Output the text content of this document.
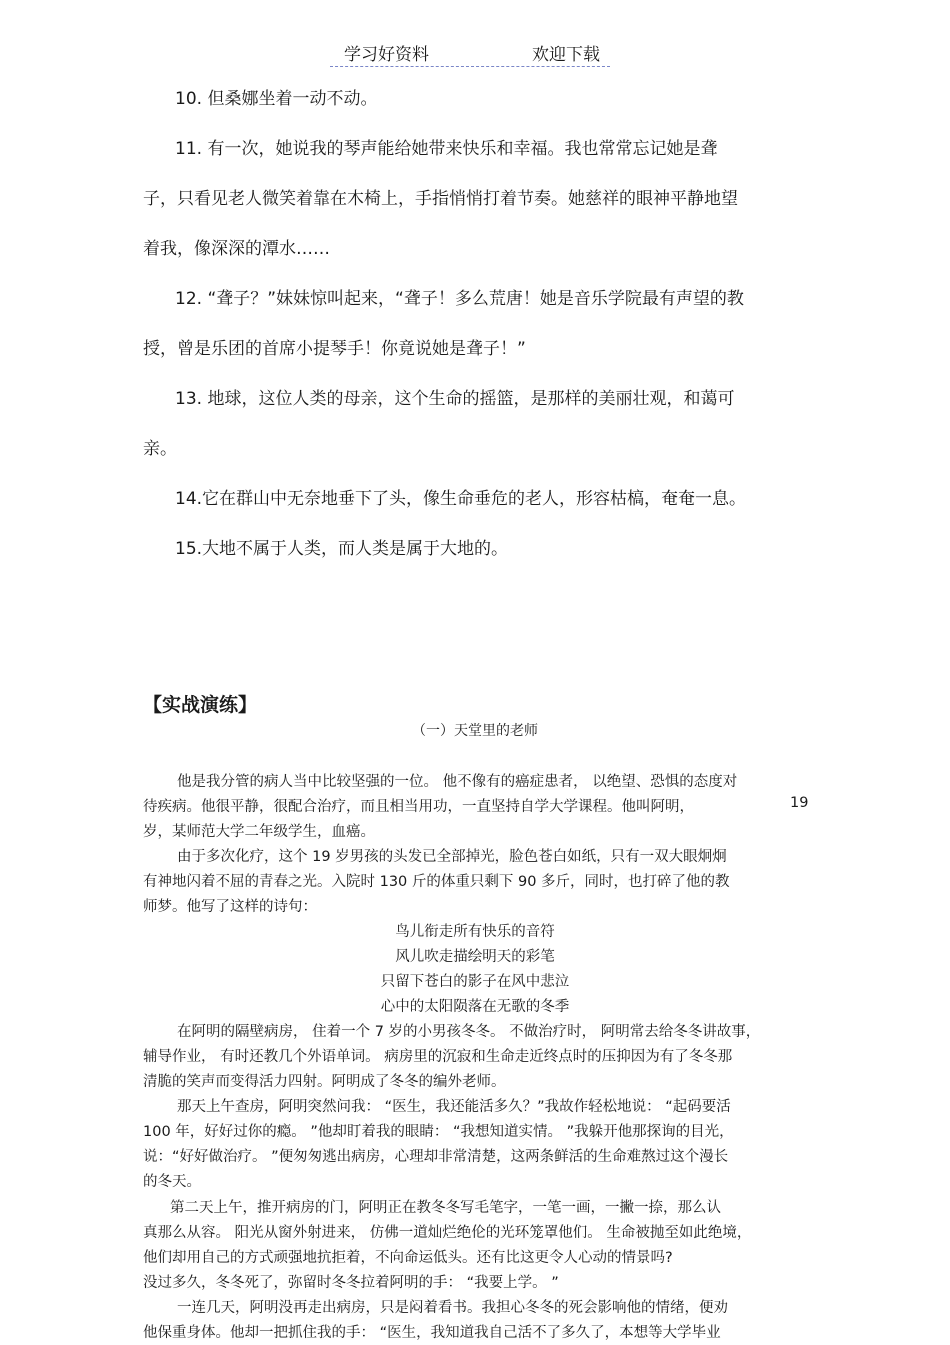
学习好资料	欢迎下载
10. 但桑娜坐着一动不动。
11. 有一次，她说我的琴声能给她带来快乐和幸福。我也常常忘记她是聋
子，只看见老人微笑着靠在木椅上，手指悄悄打着节奏。她慈祥的眼神平静地望
着我，像深深的潭水……
12. “聋子？”妹妹惊叫起来，“聋子！多么荒唐！她是音乐学院最有声望的教
授，曾是乐团的首席小提琴手！你竟说她是聋子！”
13. 地球，这位人类的母亲，这个生命的摇篮，是那样的美丽壮观，和蔼可
亲。
14.它在群山中无奈地垂下了头，像生命垂危的老人，形容枯槁，奄奄一息。
15.大地不属于人类，而人类是属于大地的。
【实战演练】
（一）天堂里的老师
他是我分管的病人当中比较坚强的一位。 他不像有的癌症患者， 以绝望、恐惧的态度对
待疾病。他很平静，很配合治疗，而且相当用功，一直坚持自学大学课程。他叫阿明，	19
岁，某师范大学二年级学生，血癌。
由于多次化疗，这个 19 岁男孩的头发已全部掉光，脸色苍白如纸，只有一双大眼炯炯
有神地闪着不屈的青春之光。入院时 130 斤的体重只剩下 90 多斤，同时，也打碎了他的教
师梦。他写了这样的诗句：
鸟儿衔走所有快乐的音符
风儿吹走描绘明天的彩笔
只留下苍白的影子在风中悲泣
心中的太阳陨落在无歌的冬季
在阿明的隔壁病房， 住着一个 7 岁的小男孩冬冬。 不做治疗时， 阿明常去给冬冬讲故事，
辅导作业， 有时还教几个外语单词。 病房里的沉寂和生命走近终点时的压抑因为有了冬冬那
清脆的笑声而变得活力四射。阿明成了冬冬的编外老师。
那天上午查房，阿明突然问我： “医生，我还能活多久？”我故作轻松地说： “起码要活
100 年，好好过你的瘾。 ”他却盯着我的眼睛： “我想知道实情。 ”我躲开他那探询的目光，
说：“好好做治疗。 ”便匆匆逃出病房，心理却非常清楚，这两条鲜活的生命难熬过这个漫长
的冬天。
第二天上午，推开病房的门，阿明正在教冬冬写毛笔字，一笔一画，一撇一捺，那么认
真那么从容。 阳光从窗外射进来， 仿佛一道灿烂绝伦的光环笼罩他们。 生命被抛至如此绝境，
他们却用自己的方式顽强地抗拒着，不向命运低头。还有比这更令人心动的情景吗?
没过多久，冬冬死了，弥留时冬冬拉着阿明的手： “我要上学。 ”
一连几天，阿明没再走出病房，只是闷着看书。我担心冬冬的死会影响他的情绪，便劝
他保重身体。他却一把抓住我的手： “医生，我知道我自己活不了多久了，本想等大学毕业
